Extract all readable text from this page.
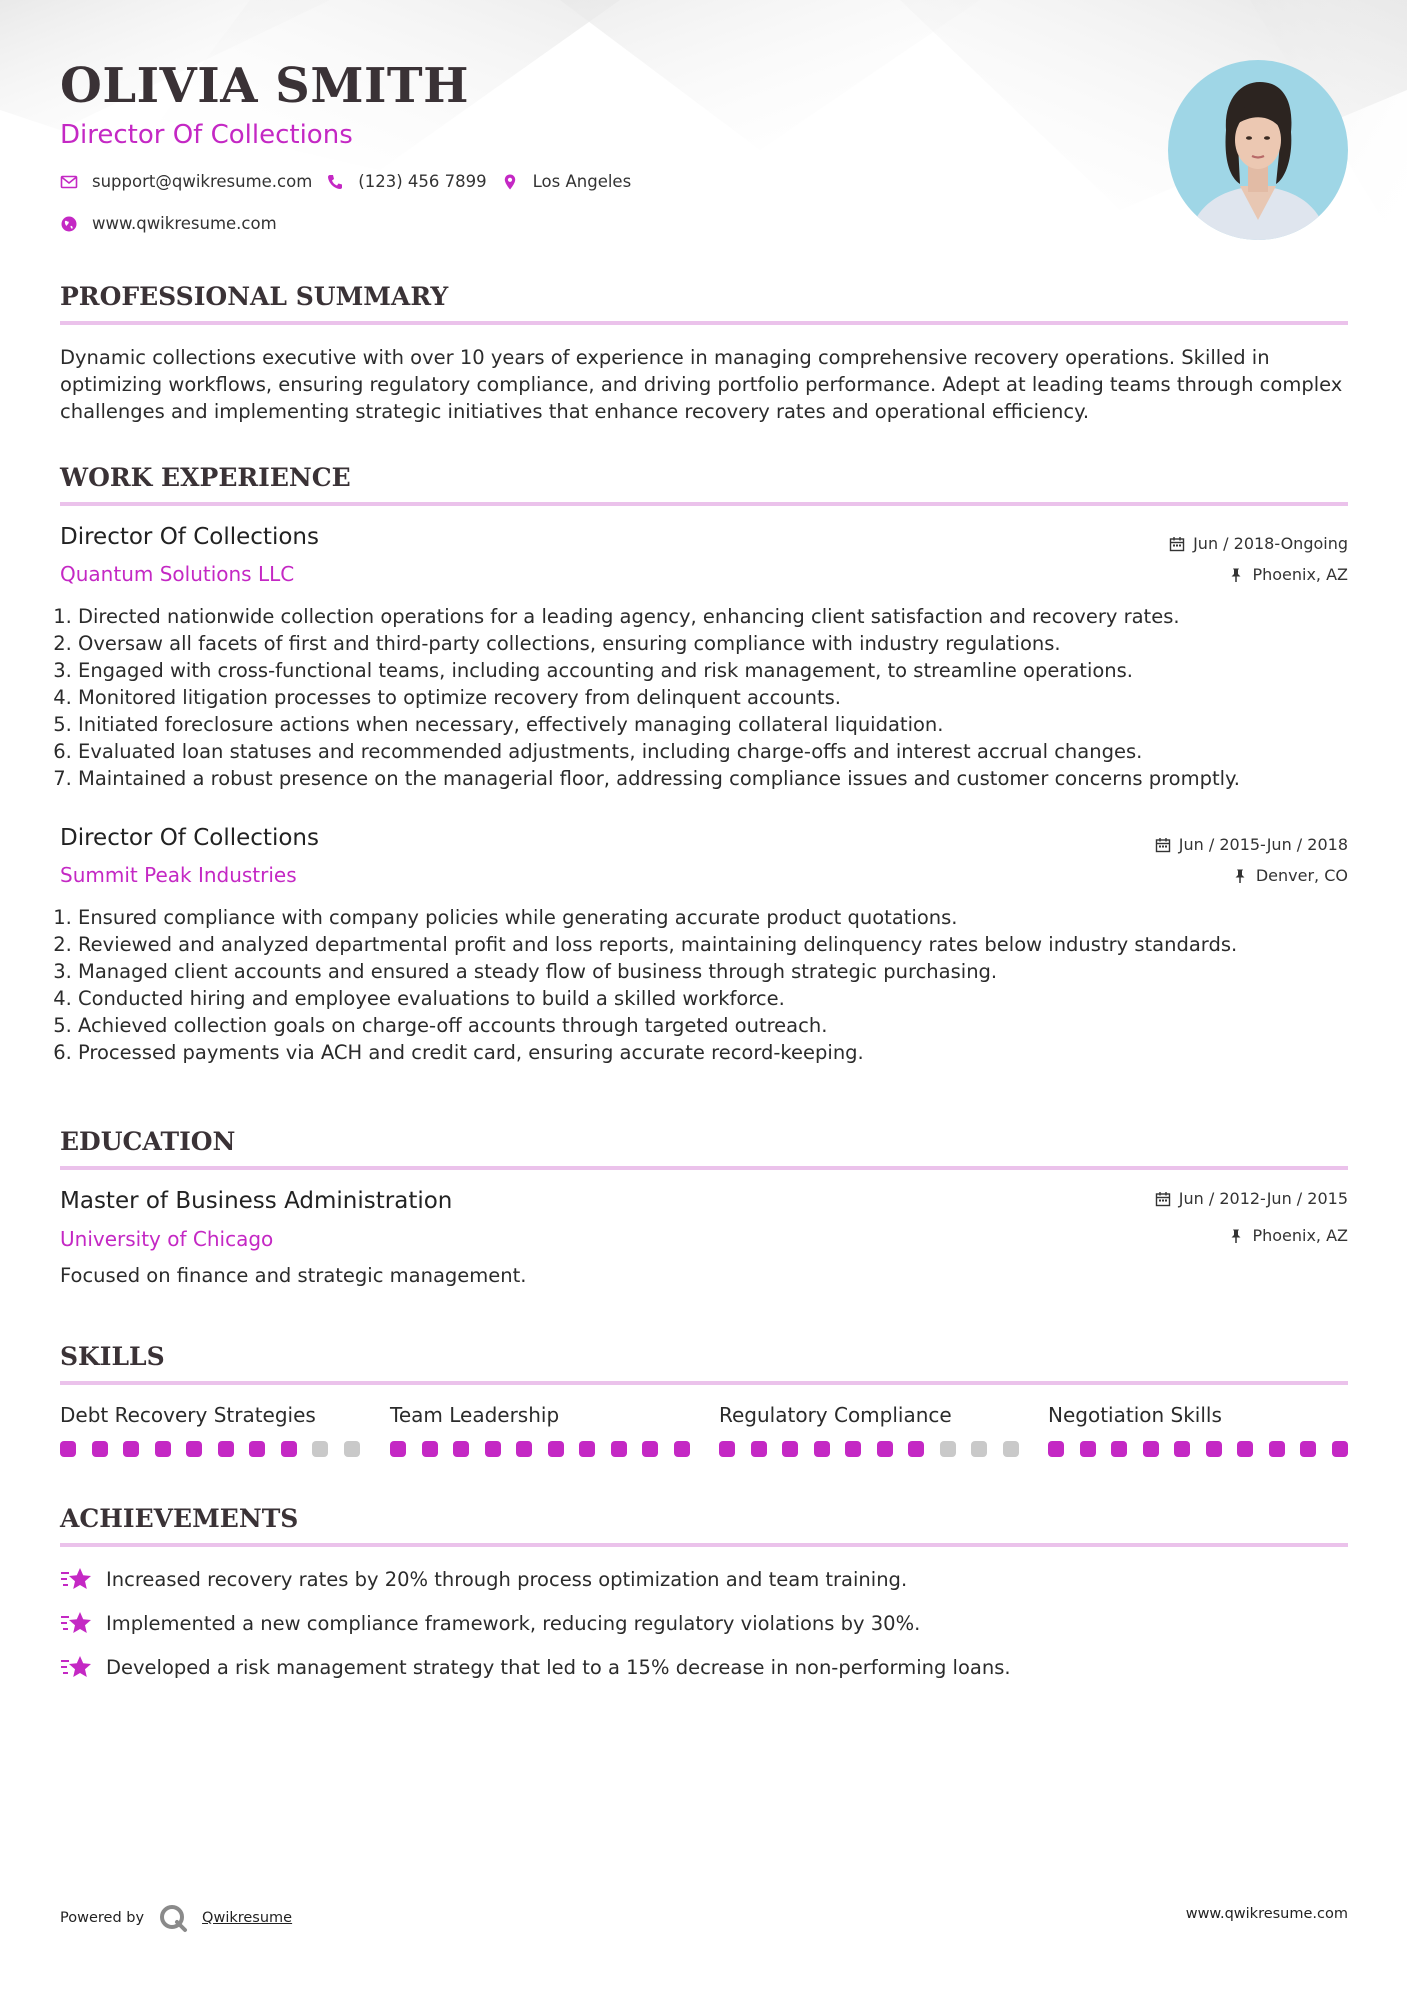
OLIVIA SMITH
Director Of Collections
support@qwikresume.com	(123) 456 7899	Los Angeles
www.qwikresume.com
PROFESSIONAL SUMMARY

Dynamic collections executive with over 10 years of experience in managing comprehensive recovery operations. Skilled in optimizing workflows, ensuring regulatory compliance, and driving portfolio performance. Adept at leading teams through complex challenges and implementing strategic initiatives that enhance recovery rates and operational efficiency.

WORK EXPERIENCE
Director Of Collections
Quantum Solutions LLC
Jun / 2018-Ongoing
Phoenix, AZ
1. Directed nationwide collection operations for a leading agency, enhancing client satisfaction and recovery rates.
2. Oversaw all facets of first and third-party collections, ensuring compliance with industry regulations.
3. Engaged with cross-functional teams, including accounting and risk management, to streamline operations.
4. Monitored litigation processes to optimize recovery from delinquent accounts.
5. Initiated foreclosure actions when necessary, effectively managing collateral liquidation.
6. Evaluated loan statuses and recommended adjustments, including charge-offs and interest accrual changes.
7. Maintained a robust presence on the managerial floor, addressing compliance issues and customer concerns promptly.
Director Of Collections
Summit Peak Industries
Jun / 2015-Jun / 2018
Denver, CO
1. Ensured compliance with company policies while generating accurate product quotations.
2. Reviewed and analyzed departmental profit and loss reports, maintaining delinquency rates below industry standards.
3. Managed client accounts and ensured a steady flow of business through strategic purchasing.
4. Conducted hiring and employee evaluations to build a skilled workforce.
5. Achieved collection goals on charge-off accounts through targeted outreach.
6. Processed payments via ACH and credit card, ensuring accurate record-keeping.
EDUCATION
Master of Business Administration
University of Chicago
Jun / 2012-Jun / 2015
Phoenix, AZ

Focused on finance and strategic management.

SKILLS
Debt Recovery Strategies	Team Leadership	Regulatory Compliance	Negotiation Skills
ACHIEVEMENTS
Increased recovery rates by 20% through process optimization and team training.
Implemented a new compliance framework, reducing regulatory violations by 30%.
Developed a risk management strategy that led to a 15% decrease in non-performing loans.
Powered by	Qwikresume	www.qwikresume.com
